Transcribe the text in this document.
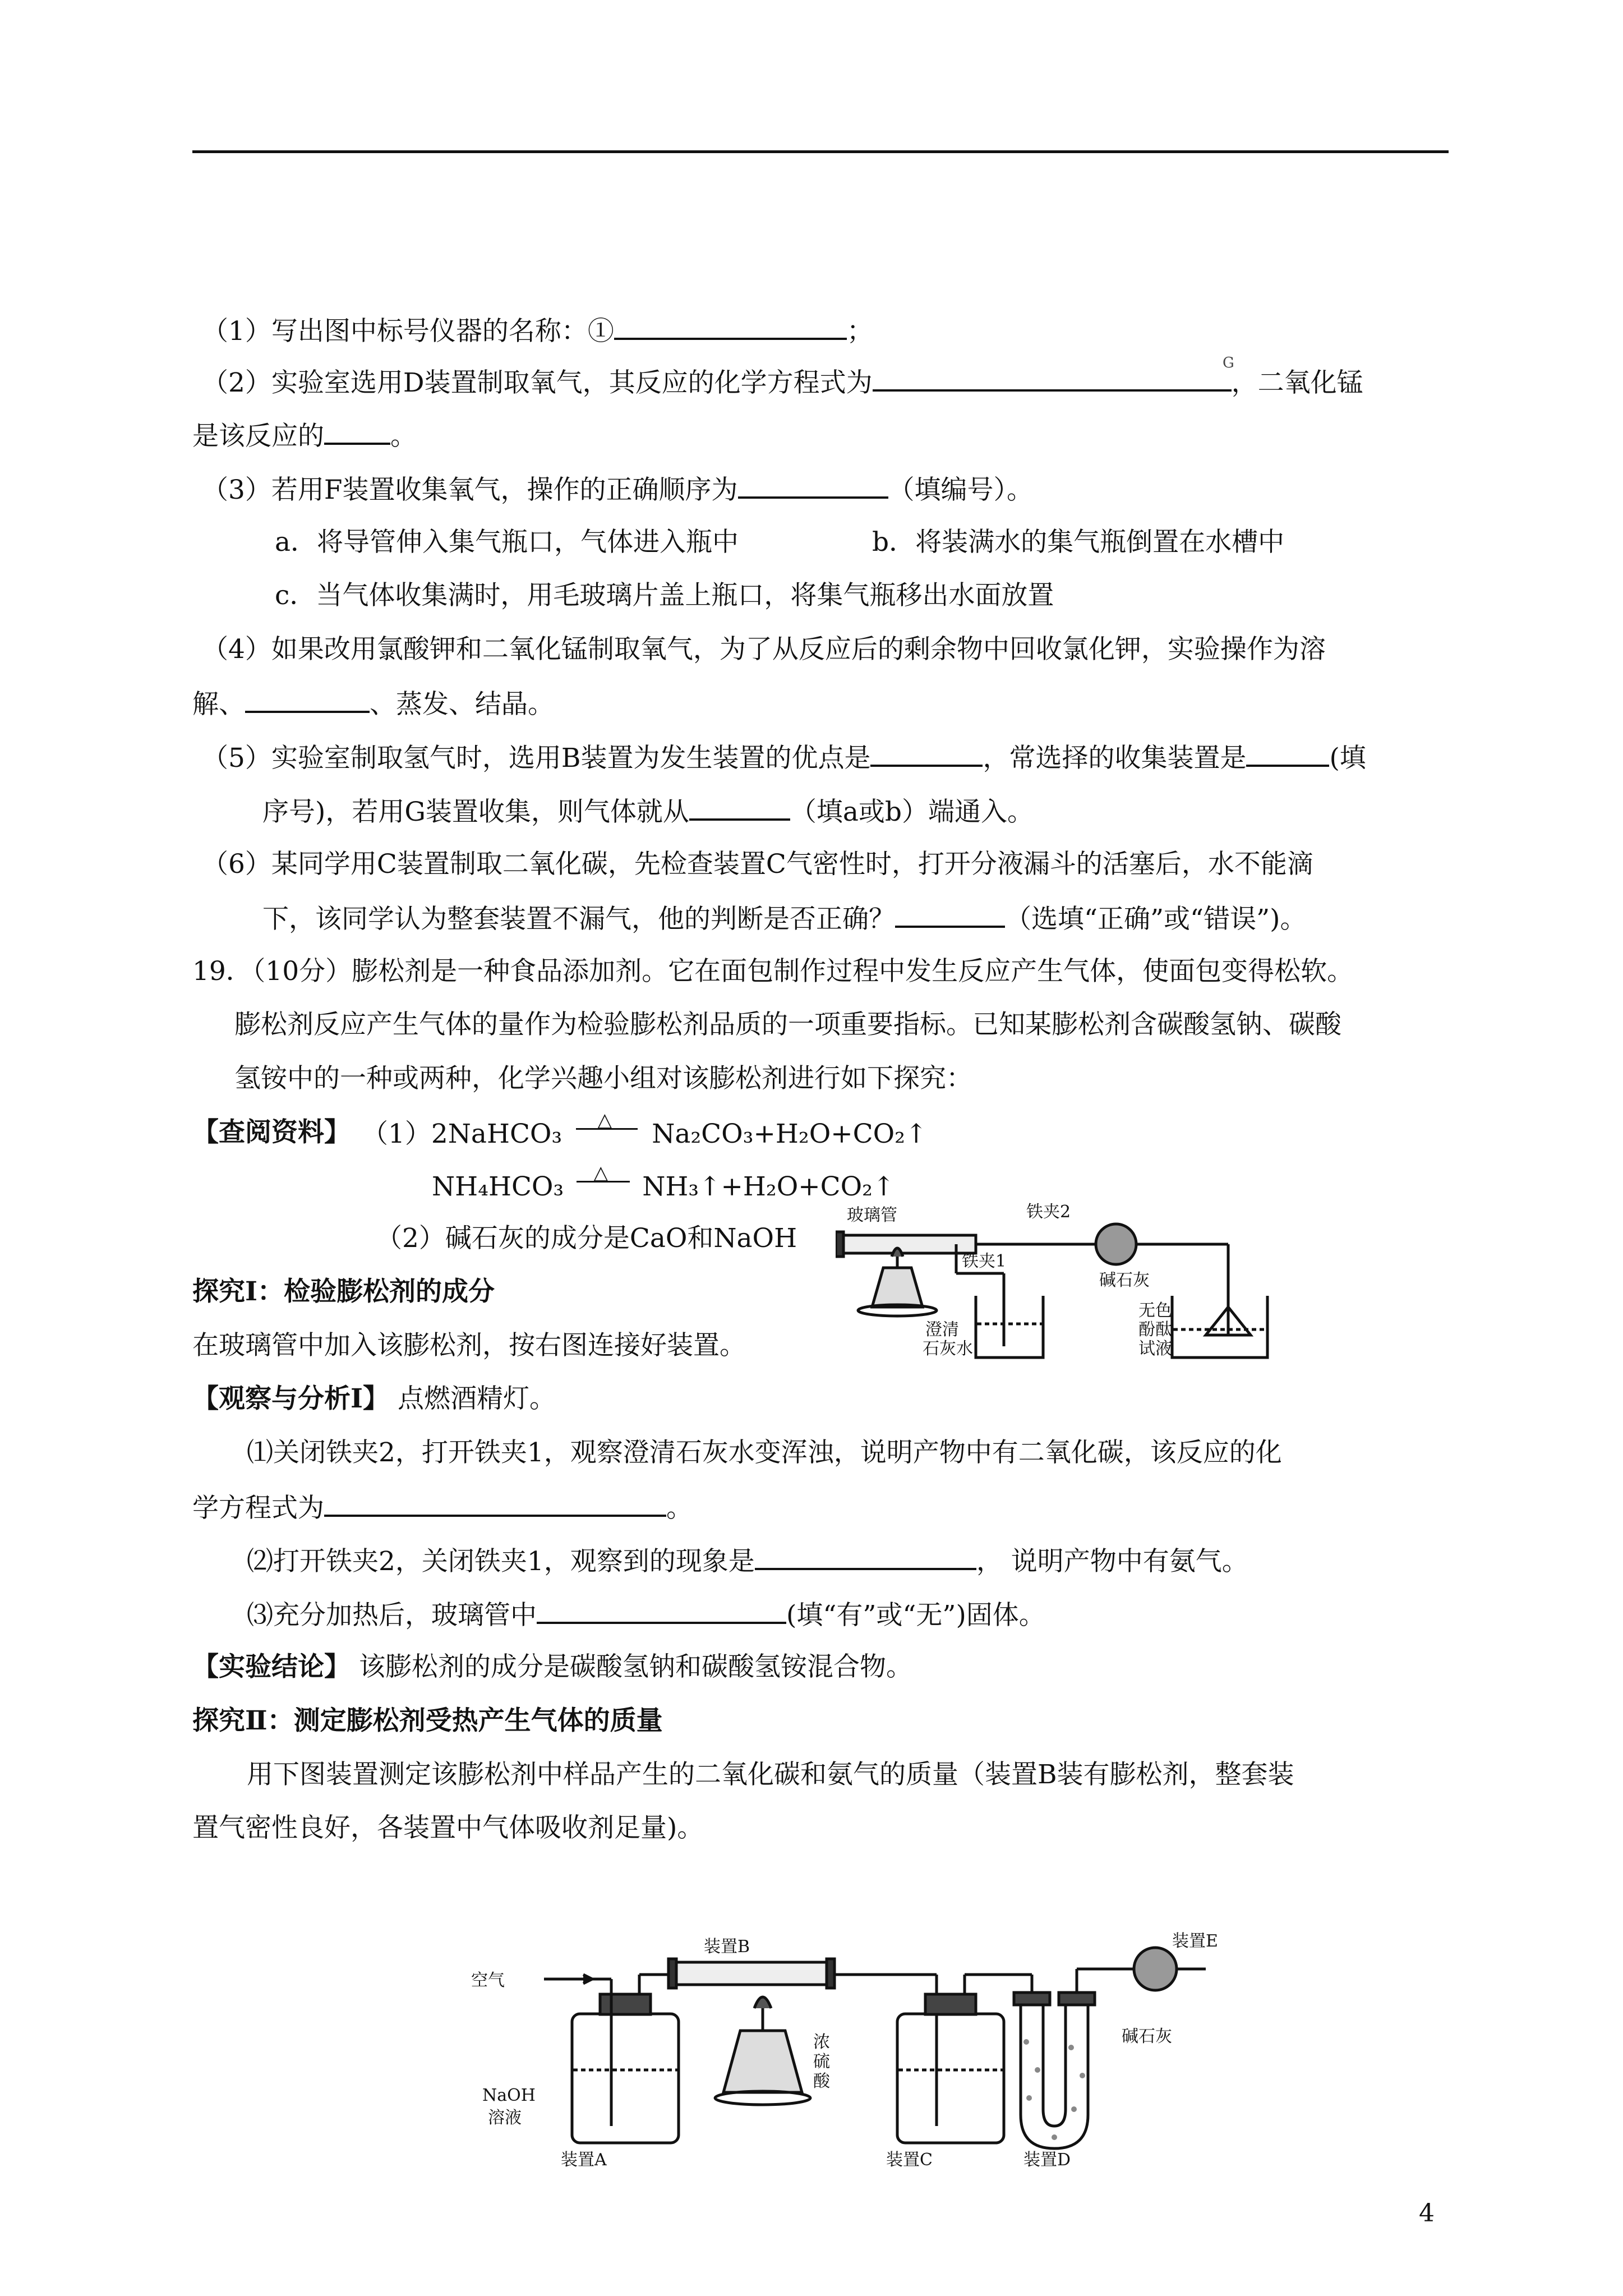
（1）写出图中标号仪器的名称：①	；
G
（2）实验室选用D装置制取氧气，其反应的化学方程式为	，二氧化锰
是该反应的	。
（3）若用F装置收集氧气，操作的正确顺序为	（填编号）。
a．将导管伸入集气瓶口，气体进入瓶中	b．将装满水的集气瓶倒置在水槽中
c．当气体收集满时，用毛玻璃片盖上瓶口，将集气瓶移出水面放置
（4）如果改用氯酸钾和二氧化锰制取氧气，为了从反应后的剩余物中回收氯化钾，实验操作为溶
解、	、蒸发、结晶。
（5）实验室制取氢气时，选用B装置为发生装置的优点是	，常选择的收集装置是	(填
序号)，若用G装置收集，则气体就从	（填a或b）端通入。
（6）某同学用C装置制取二氧化碳，先检查装置C气密性时，打开分液漏斗的活塞后，水不能滴
下，该同学认为整套装置不漏气，他的判断是否正确？	（选填“正确”或“错误”)。
19．（10分）膨松剂是一种食品添加剂。它在面包制作过程中发生反应产生气体，使面包变得松软。
膨松剂反应产生气体的量作为检验膨松剂品质的一项重要指标。已知某膨松剂含碳酸氢钠、碳酸
氢铵中的一种或两种，化学兴趣小组对该膨松剂进行如下探究：
【查阅资料】 （1）2NaHCO₃ △ Na₂CO₃+H₂O+CO₂↑
NH₄HCO₃ △ NH₃↑+H₂O+CO₂↑
（2）碱石灰的成分是CaO和NaOH
玻璃管	铁夹2
铁夹1
碱石灰
澄清
石灰水
无色
酚酞
试液
探究Ⅰ：检验膨松剂的成分
在玻璃管中加入该膨松剂，按右图连接好装置。
【观察与分析Ⅰ】 点燃酒精灯。
⑴关闭铁夹2，打开铁夹1，观察澄清石灰水变浑浊，说明产物中有二氧化碳，该反应的化
学方程式为	。
⑵打开铁夹2，关闭铁夹1，观察到的现象是	， 说明产物中有氨气。
⑶充分加热后，玻璃管中	(填“有”或“无”)固体。
【实验结论】 该膨松剂的成分是碳酸氢钠和碳酸氢铵混合物。
探究Ⅱ：测定膨松剂受热产生气体的质量
用下图装置测定该膨松剂中样品产生的二氧化碳和氨气的质量（装置B装有膨松剂，整套装
置气密性良好，各装置中气体吸收剂足量)。
空气
装置B	装置E
NaOH
溶液
浓
硫
酸
碱石灰
装置A	装置C	装置D
4
